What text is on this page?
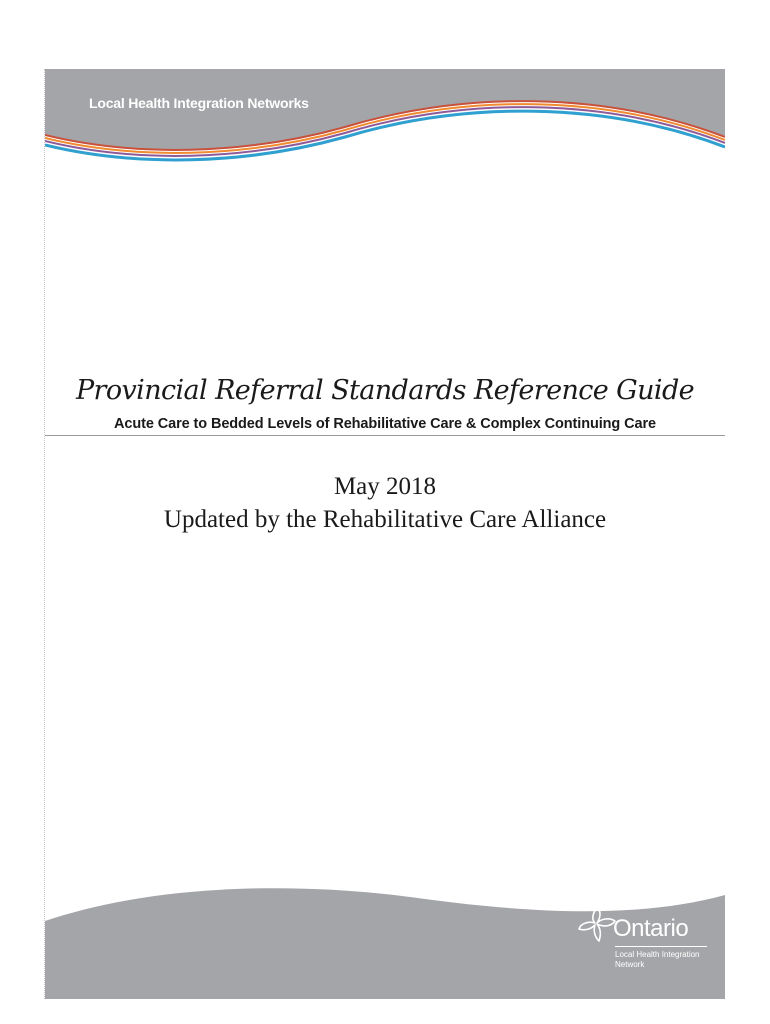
Local Health Integration Networks
Provincial Referral Standards Reference Guide
Acute Care to Bedded Levels of Rehabilitative Care & Complex Continuing Care
May 2018
Updated by the Rehabilitative Care Alliance
Ontario
Local Health Integration
Network
